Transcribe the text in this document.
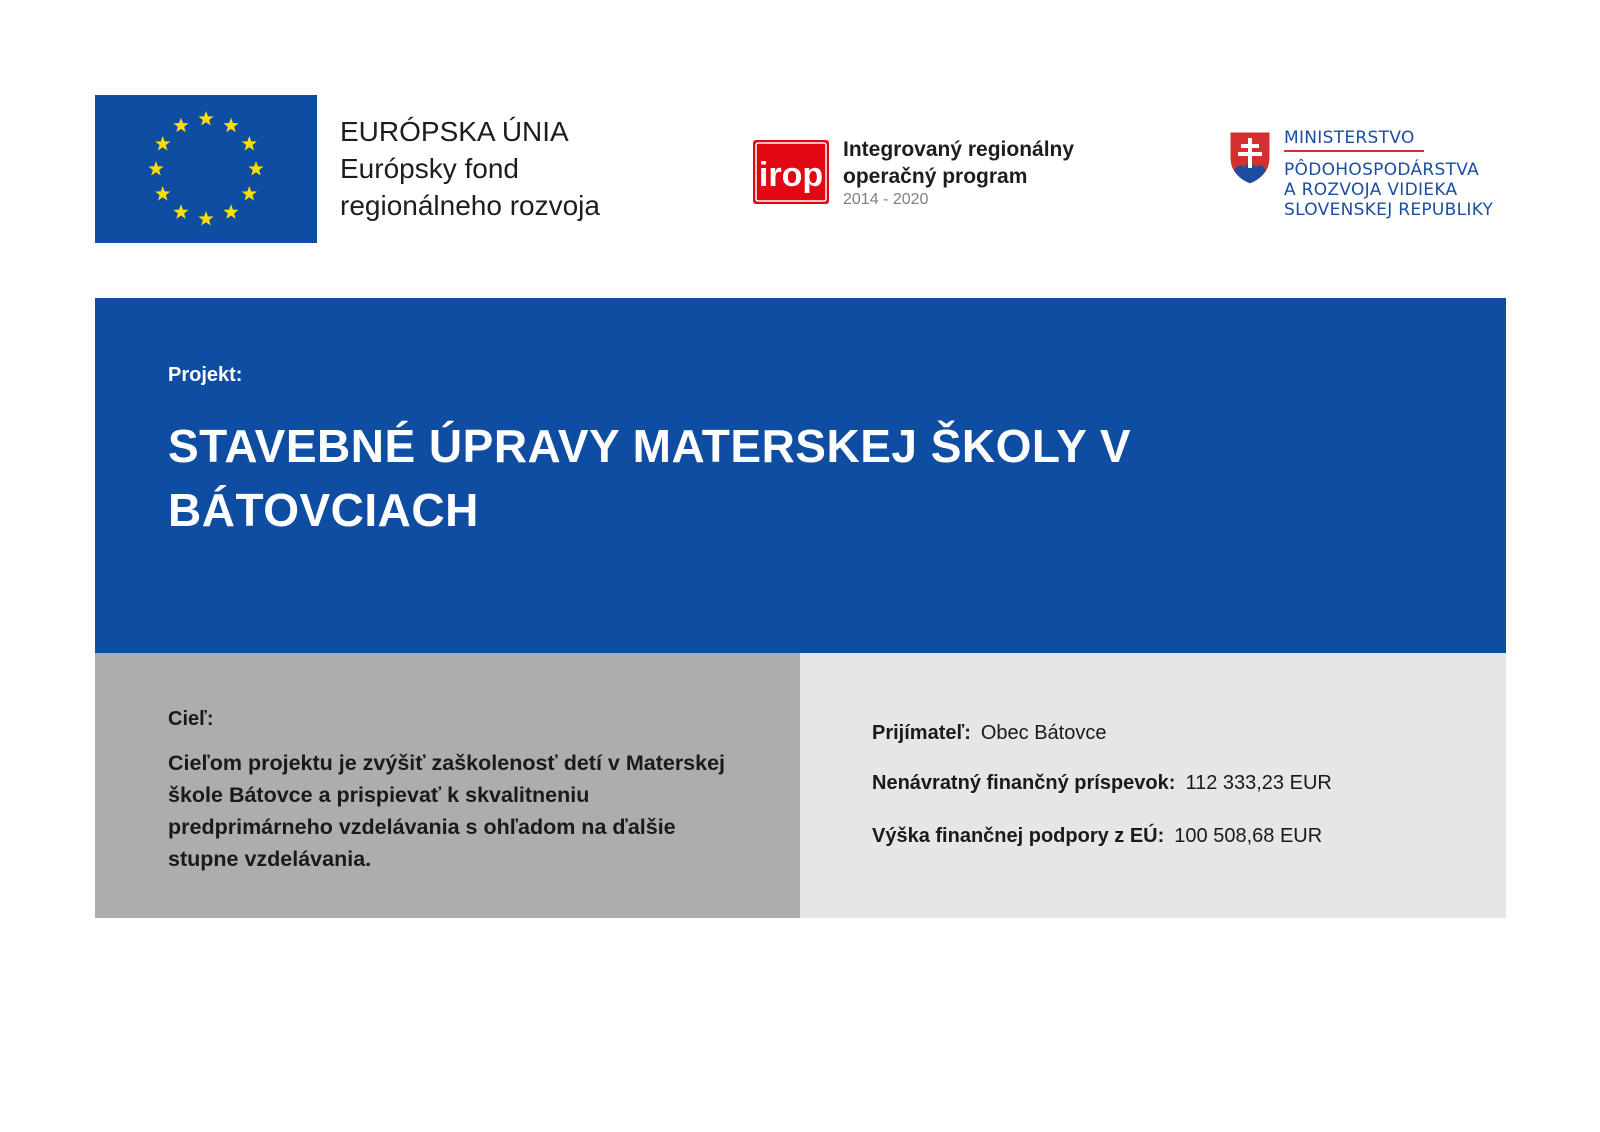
EURÓPSKA ÚNIA
Európsky fond
regionálneho rozvoja
irop
Integrovaný regionálny
operačný program
2014 - 2020
MINISTERSTVO
PÔDOHOSPODÁRSTVA
A ROZVOJA VIDIEKA
SLOVENSKEJ REPUBLIKY
Projekt:
STAVEBNÉ ÚPRAVY MATERSKEJ ŠKOLY V BÁTOVCIACH
Cieľ:
Cieľom projektu je zvýšiť zaškolenosť detí v Materskej škole Bátovce a prispievať k skvalitneniu predprimárneho vzdelávania s ohľadom na ďalšie stupne vzdelávania.
Prijímateľ: Obec Bátovce
Nenávratný finančný príspevok: 112 333,23 EUR
Výška finančnej podpory z EÚ: 100 508,68 EUR
